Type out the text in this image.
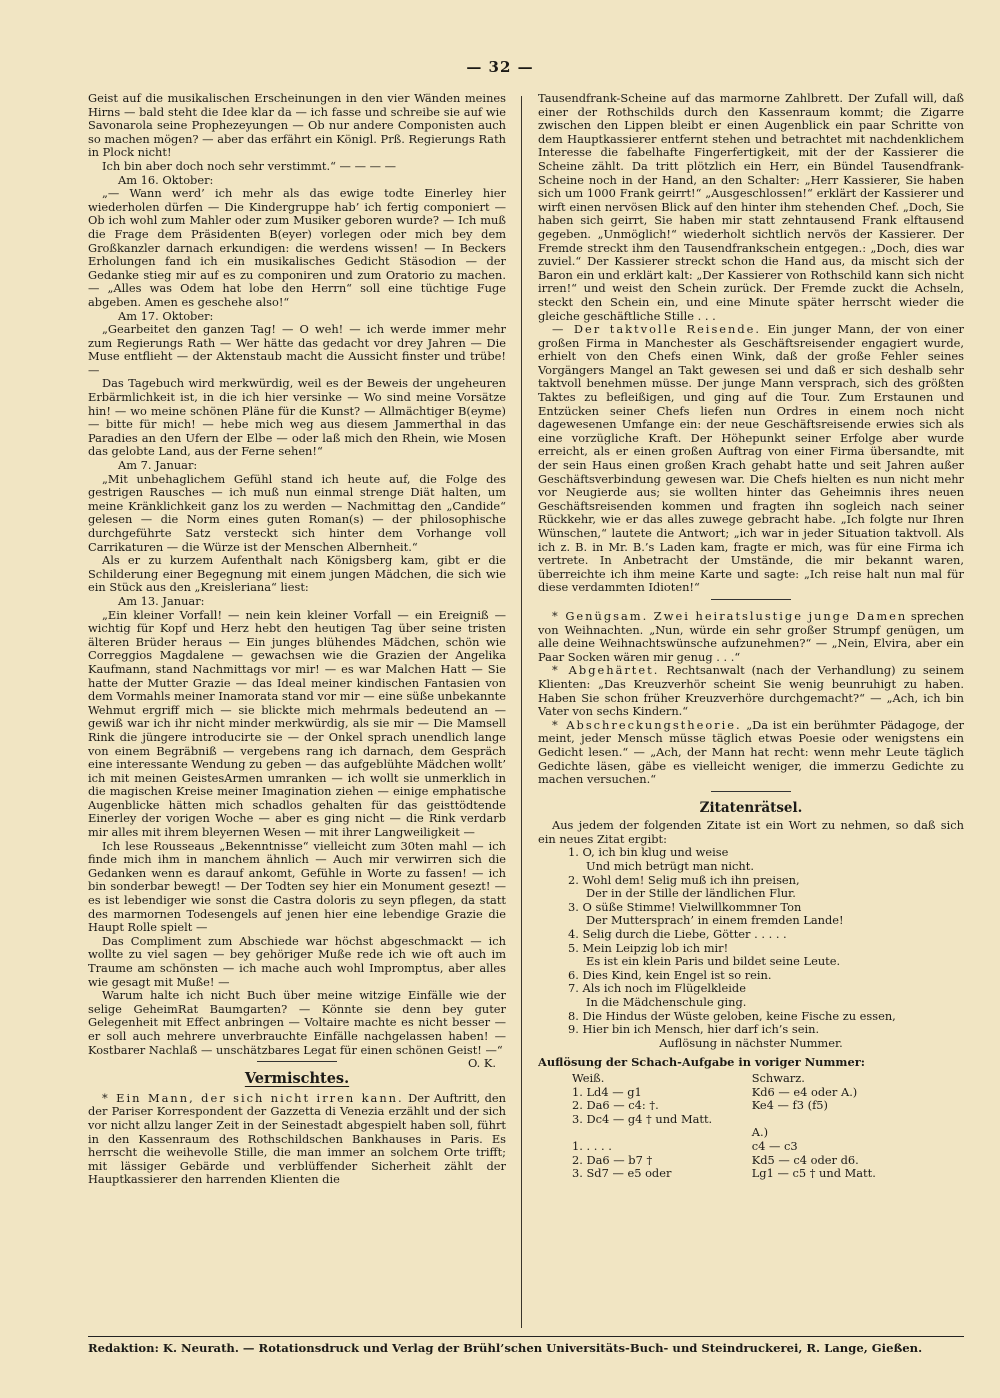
— 32 —

Geist auf die musikalischen Erscheinungen in den vier Wänden meines Hirns — bald steht die Idee klar da — ich fasse und schreibe sie auf wie Savonarola seine Prophezeyungen — Ob nur andere Componisten auch so machen mögen? — aber das erfährt ein Königl. Prß. Regierungs Rath in Plock nicht!

Ich bin aber doch noch sehr verstimmt.“ — — — —

Am 16. Oktober:

„— Wann werd’ ich mehr als das ewige todte Einerley hier wiederholen dürfen — Die Kindergruppe hab’ ich fertig componiert — Ob ich wohl zum Mahler oder zum Musiker geboren wurde? — Ich muß die Frage dem Präsidenten B(eyer) vorlegen oder mich bey dem Großkanzler darnach erkundigen: die werdens wissen! — In Beckers Erholungen fand ich ein musikalisches Gedicht Stäsodion — der Gedanke stieg mir auf es zu componiren und zum Oratorio zu machen. — „Alles was Odem hat lobe den Herrn“ soll eine tüchtige Fuge abgeben. Amen es geschehe also!“

Am 17. Oktober:

„Gearbeitet den ganzen Tag! — O weh! — ich werde immer mehr zum Regierungs Rath — Wer hätte das gedacht vor drey Jahren — Die Muse entflieht — der Aktenstaub macht die Aussicht finster und trübe! —

Das Tagebuch wird merkwürdig, weil es der Beweis der ungeheuren Erbärmlichkeit ist, in die ich hier versinke — Wo sind meine Vorsätze hin! — wo meine schönen Pläne für die Kunst? — Allmächtiger B(eyme) — bitte für mich! — hebe mich weg aus diesem Jammerthal in das Paradies an den Ufern der Elbe — oder laß mich den Rhein, wie Mosen das gelobte Land, aus der Ferne sehen!“

Am 7. Januar:

„Mit unbehaglichem Gefühl stand ich heute auf, die Folge des gestrigen Rausches — ich muß nun einmal strenge Diät halten, um meine Kränklichkeit ganz los zu werden — Nachmittag den „Candide“ gelesen — die Norm eines guten Roman(s) — der philosophische durchgeführte Satz versteckt sich hinter dem Vorhange voll Carrikaturen — die Würze ist der Menschen Albernheit.“

Als er zu kurzem Aufenthalt nach Königsberg kam, gibt er die Schilderung einer Begegnung mit einem jungen Mädchen, die sich wie ein Stück aus den „Kreisleriana“ liest:

Am 13. Januar:

„Ein kleiner Vorfall! — nein kein kleiner Vorfall — ein Ereigniß — wichtig für Kopf und Herz hebt den heutigen Tag über seine tristen älteren Brüder heraus — Ein junges blühendes Mädchen, schön wie Correggios Magdalene — gewachsen wie die Grazien der Angelika Kaufmann, stand Nachmittags vor mir! — es war Malchen Hatt — Sie hatte der Mutter Grazie — das Ideal meiner kindischen Fantasien von dem Vormahls meiner Inamorata stand vor mir — eine süße unbekannte Wehmut ergriff mich — sie blickte mich mehrmals bedeutend an — gewiß war ich ihr nicht minder merkwürdig, als sie mir — Die Mamsell Rink die jüngere introducirte sie — der Onkel sprach unendlich lange von einem Begräbniß — vergebens rang ich darnach, dem Gespräch eine interessante Wendung zu geben — das aufgeblühte Mädchen wollt’ ich mit meinen GeistesArmen umranken — ich wollt sie unmerklich in die magischen Kreise meiner Imagination ziehen — einige emphatische Augenblicke hätten mich schadlos gehalten für das geisttödtende Einerley der vorigen Woche — aber es ging nicht — die Rink verdarb mir alles mit ihrem bleyernen Wesen — mit ihrer Langweiligkeit —

Ich lese Rousseaus „Bekenntnisse“ vielleicht zum 30ten mahl — ich finde mich ihm in manchem ähnlich — Auch mir verwirren sich die Gedanken wenn es darauf ankomt, Gefühle in Worte zu fassen! — ich bin sonderbar bewegt! — Der Todten sey hier ein Monument gesezt! — es ist lebendiger wie sonst die Castra doloris zu seyn pflegen, da statt des marmornen Todesengels auf jenen hier eine lebendige Grazie die Haupt Rolle spielt —

Das Compliment zum Abschiede war höchst abgeschmackt — ich wollte zu viel sagen — bey gehöriger Muße rede ich wie oft auch im Traume am schönsten — ich mache auch wohl Impromptus, aber alles wie gesagt mit Muße! —

Warum halte ich nicht Buch über meine witzige Einfälle wie der selige GeheimRat Baumgarten? — Könnte sie denn bey guter Gelegenheit mit Effect anbringen — Voltaire machte es nicht besser — er soll auch mehrere unverbrauchte Einfälle nachgelassen haben! — Kostbarer Nachlaß — unschätzbares Legat für einen schönen Geist! —“
O. K.

Vermischtes.

* Ein Mann, der sich nicht irren kann. Der Auftritt, den der Pariser Korrespondent der Gazzetta di Venezia erzählt und der sich vor nicht allzu langer Zeit in der Seinestadt abgespielt haben soll, führt in den Kassenraum des Rothschildschen Bankhauses in Paris. Es herrscht die weihevolle Stille, die man immer an solchem Orte trifft; mit lässiger Gebärde und verblüffender Sicherheit zählt der Hauptkassierer den harrenden Klienten die

Tausendfrank-Scheine auf das marmorne Zahlbrett. Der Zufall will, daß einer der Rothschilds durch den Kassenraum kommt; die Zigarre zwischen den Lippen bleibt er einen Augenblick ein paar Schritte von dem Hauptkassierer entfernt stehen und betrachtet mit nachdenklichem Interesse die fabelhafte Fingerfertigkeit, mit der der Kassierer die Scheine zählt. Da tritt plötzlich ein Herr, ein Bündel Tausendfrank-Scheine noch in der Hand, an den Schalter: „Herr Kassierer, Sie haben sich um 1000 Frank geirrt!“ „Ausgeschlossen!“ erklärt der Kassierer und wirft einen nervösen Blick auf den hinter ihm stehenden Chef. „Doch, Sie haben sich geirrt, Sie haben mir statt zehntausend Frank elftausend gegeben. „Unmöglich!“ wiederholt sichtlich nervös der Kassierer. Der Fremde streckt ihm den Tausendfrankschein entgegen.: „Doch, dies war zuviel.“ Der Kassierer streckt schon die Hand aus, da mischt sich der Baron ein und erklärt kalt: „Der Kassierer von Rothschild kann sich nicht irren!“ und weist den Schein zurück. Der Fremde zuckt die Achseln, steckt den Schein ein, und eine Minute später herrscht wieder die gleiche geschäftliche Stille . . .

— Der taktvolle Reisende. Ein junger Mann, der von einer großen Firma in Manchester als Geschäftsreisender engagiert wurde, erhielt von den Chefs einen Wink, daß der große Fehler seines Vorgängers Mangel an Takt gewesen sei und daß er sich deshalb sehr taktvoll benehmen müsse. Der junge Mann versprach, sich des größten Taktes zu befleißigen, und ging auf die Tour. Zum Erstaunen und Entzücken seiner Chefs liefen nun Ordres in einem noch nicht dagewesenen Umfange ein: der neue Geschäftsreisende erwies sich als eine vorzügliche Kraft. Der Höhepunkt seiner Erfolge aber wurde erreicht, als er einen großen Auftrag von einer Firma übersandte, mit der sein Haus einen großen Krach gehabt hatte und seit Jahren außer Geschäftsverbindung gewesen war. Die Chefs hielten es nun nicht mehr vor Neugierde aus; sie wollten hinter das Geheimnis ihres neuen Geschäftsreisenden kommen und fragten ihn sogleich nach seiner Rückkehr, wie er das alles zuwege gebracht habe. „Ich folgte nur Ihren Wünschen,“ lautete die Antwort; „ich war in jeder Situation taktvoll. Als ich z. B. in Mr. B.’s Laden kam, fragte er mich, was für eine Firma ich vertrete. In Anbetracht der Umstände, die mir bekannt waren, überreichte ich ihm meine Karte und sagte: „Ich reise halt nun mal für diese verdammten Idioten!“

* Genügsam. Zwei heiratslustige junge Damen sprechen von Weihnachten. „Nun, würde ein sehr großer Strumpf genügen, um alle deine Weihnachtswünsche aufzunehmen?“ — „Nein, Elvira, aber ein Paar Socken wären mir genug . . .“

* Abgehärtet. Rechtsanwalt (nach der Verhandlung) zu seinem Klienten: „Das Kreuzverhör scheint Sie wenig beunruhigt zu haben. Haben Sie schon früher Kreuzverhöre durchgemacht?“ — „Ach, ich bin Vater von sechs Kindern.“

* Abschreckungstheorie. „Da ist ein berühmter Pädagoge, der meint, jeder Mensch müsse täglich etwas Poesie oder wenigstens ein Gedicht lesen.“ — „Ach, der Mann hat recht: wenn mehr Leute täglich Gedichte läsen, gäbe es vielleicht weniger, die immerzu Gedichte zu machen versuchen.“

Zitatenrätsel.

Aus jedem der folgenden Zitate ist ein Wort zu nehmen, so daß sich ein neues Zitat ergibt:

1. O, ich bin klug und weise

Und mich betrügt man nicht.

2. Wohl dem! Selig muß ich ihn preisen,

Der in der Stille der ländlichen Flur.

3. O süße Stimme! Vielwillkommner Ton

Der Muttersprach’ in einem fremden Lande!

4. Selig durch die Liebe, Götter . . . . .

5. Mein Leipzig lob ich mir!

Es ist ein klein Paris und bildet seine Leute.

6. Dies Kind, kein Engel ist so rein.

7. Als ich noch im Flügelkleide

In die Mädchenschule ging.

8. Die Hindus der Wüste geloben, keine Fische zu essen,

9. Hier bin ich Mensch, hier darf ich’s sein.

Auflösung in nächster Nummer.

Auflösung der Schach-Aufgabe in voriger Nummer:

Weiß.	Schwarz.
1. Ld4 — g1	Kd6 — e4 oder A.)
2. Da6 — c4: †.	Ke4 — f3 (f5)
3. Dc4 — g4 † und Matt.	
	A.)
1. . . . .	c4 — c3
2. Da6 — b7 †	Kd5 — c4 oder d6.
3. Sd7 — e5 oder	Lg1 — c5 † und Matt.
Redaktion: K. Neurath. — Rotationsdruck und Verlag der Brühl’schen Universitäts-Buch- und Steindruckerei, R. Lange, Gießen.
